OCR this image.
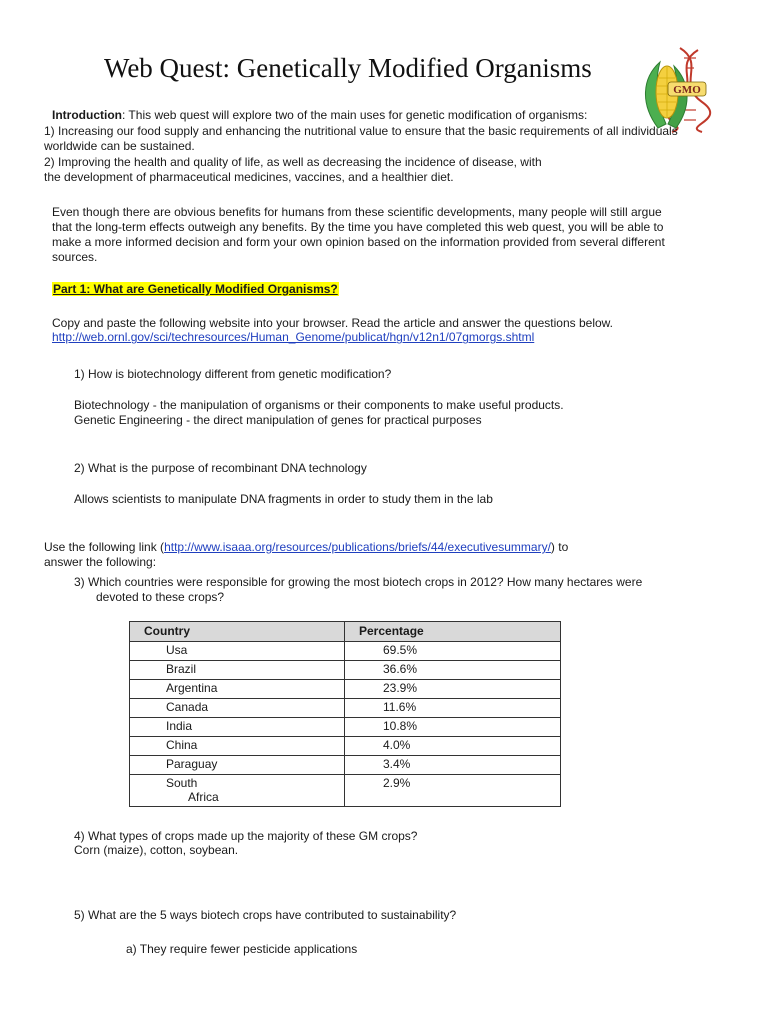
Web Quest: Genetically Modified Organisms
GMO

Introduction: This web quest will explore two of the main uses for genetic modification of organisms:

1) Increasing our food supply and enhancing the nutritional value to ensure that the basic requirements of all individuals

worldwide can be sustained.

2) Improving the health and quality of life, as well as decreasing the incidence of disease, with

the development of pharmaceutical medicines, vaccines, and a healthier diet.

Even though there are obvious benefits for humans from these scientific developments, many people will still argue
that the long-term effects outweigh any benefits. By the time you have completed this web quest, you will be able to
make a more informed decision and form your own opinion based on the information provided from several different
sources.
Part 1: What are Genetically Modified Organisms?
Copy and paste the following website into your browser. Read the article and answer the questions below.
http://web.ornl.gov/sci/techresources/Human_Genome/publicat/hgn/v12n1/07gmorgs.shtml
1) How is biotechnology different from genetic modification?
Biotechnology - the manipulation of organisms or their components to make useful products.
Genetic Engineering - the direct manipulation of genes for practical purposes
2) What is the purpose of recombinant DNA technology
Allows scientists to manipulate DNA fragments in order to study them in the lab
Use the following link (http://www.isaaa.org/resources/publications/briefs/44/executivesummary/) to
answer the following:
3) Which countries were responsible for growing the most biotech crops in 2012? How many hectares were
devoted to these crops?
Country	Percentage
Usa	69.5%
Brazil	36.6%
Argentina	23.9%
Canada	11.6%
India	10.8%
China	4.0%
Paraguay	3.4%
South
Africa	2.9%
4) What types of crops made up the majority of these GM crops?
Corn (maize), cotton, soybean.
5) What are the 5 ways biotech crops have contributed to sustainability?
a) They require fewer pesticide applications
